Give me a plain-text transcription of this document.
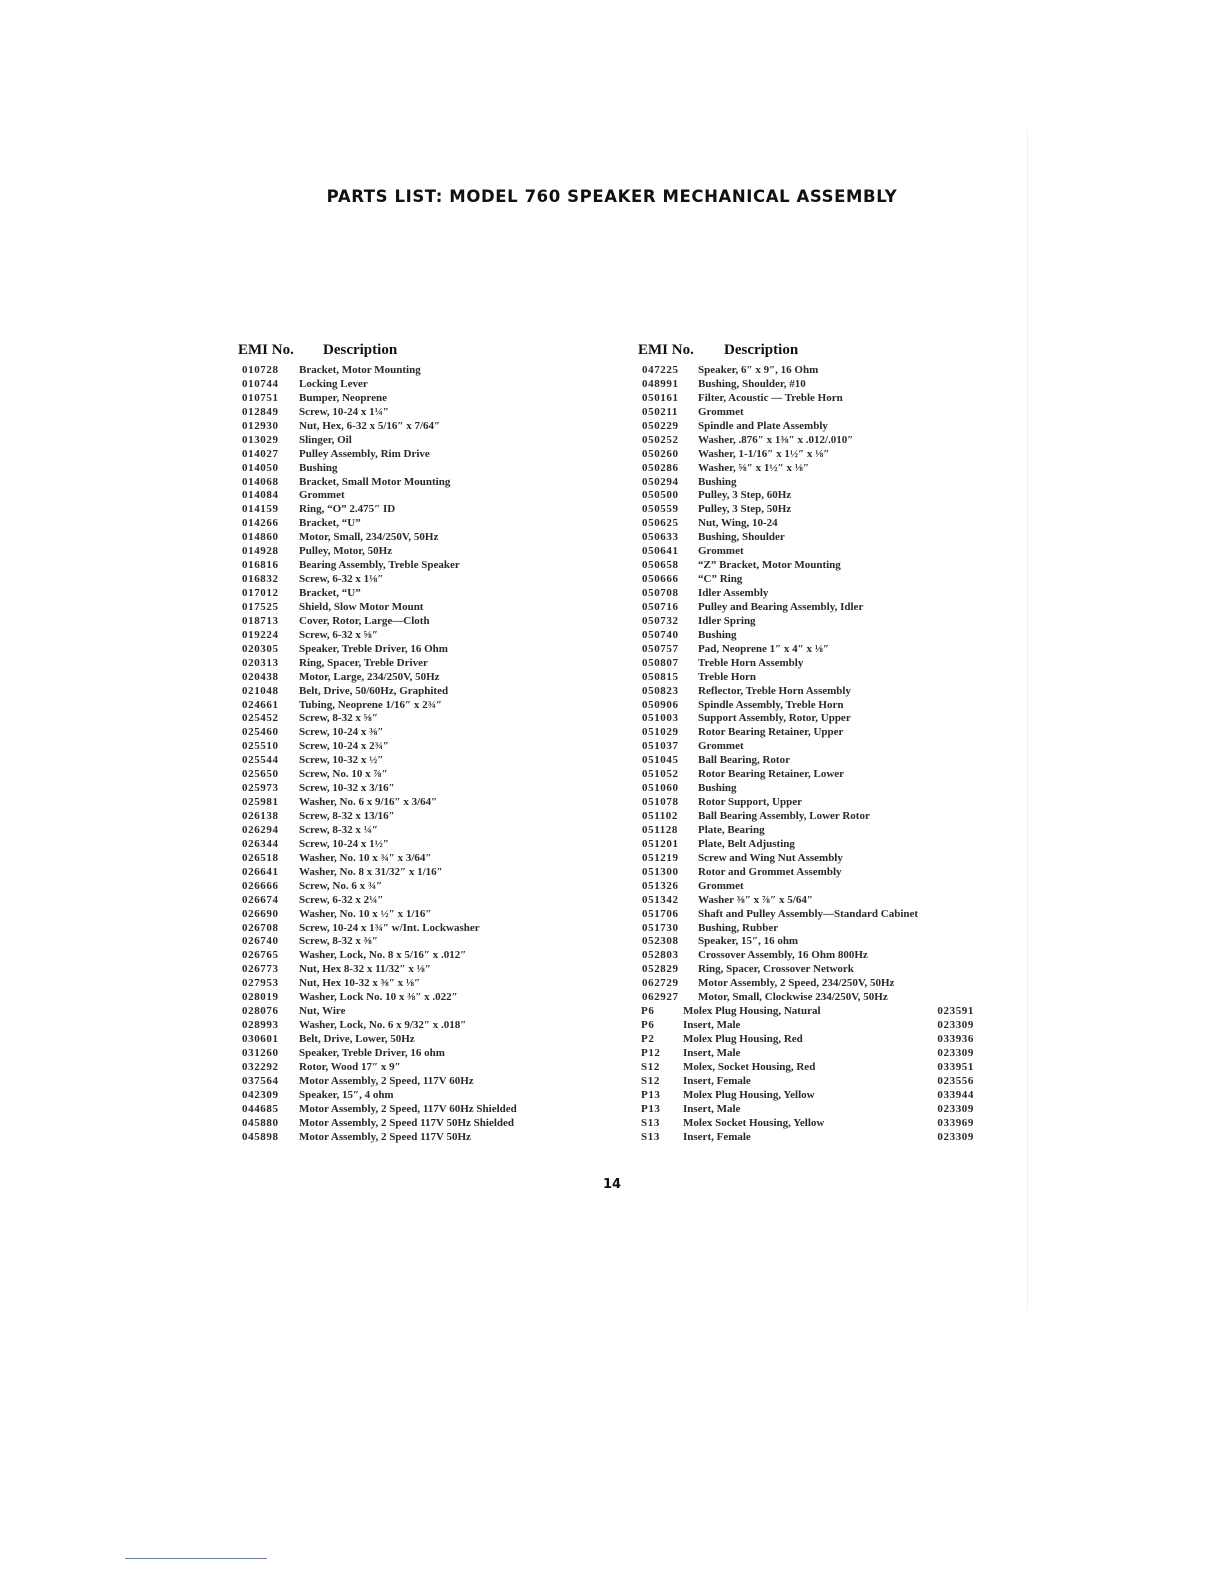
PARTS LIST: MODEL 760 SPEAKER MECHANICAL ASSEMBLY
EMI No. Description
010728 Bracket, Motor Mounting
010744 Locking Lever
010751 Bumper, Neoprene
012849 Screw, 10-24 x 1¼″
012930 Nut, Hex, 6-32 x 5/16″ x 7/64″
013029 Slinger, Oil
014027 Pulley Assembly, Rim Drive
014050 Bushing
014068 Bracket, Small Motor Mounting
014084 Grommet
014159 Ring, “O” 2.475″ ID
014266 Bracket, “U”
014860 Motor, Small, 234/250V, 50Hz
014928 Pulley, Motor, 50Hz
016816 Bearing Assembly, Treble Speaker
016832 Screw, 6-32 x 1⅛″
017012 Bracket, “U”
017525 Shield, Slow Motor Mount
018713 Cover, Rotor, Large—Cloth
019224 Screw, 6-32 x ⅝″
020305 Speaker, Treble Driver, 16 Ohm
020313 Ring, Spacer, Treble Driver
020438 Motor, Large, 234/250V, 50Hz
021048 Belt, Drive, 50/60Hz, Graphited
024661 Tubing, Neoprene 1/16″ x 2¾″
025452 Screw, 8-32 x ⅝″
025460 Screw, 10-24 x ⅜″
025510 Screw, 10-24 x 2¾″
025544 Screw, 10-32 x ½″
025650 Screw, No. 10 x ⅞″
025973 Screw, 10-32 x 3/16″
025981 Washer, No. 6 x 9/16″ x 3/64″
026138 Screw, 8-32 x 13/16″
026294 Screw, 8-32 x ¼″
026344 Screw, 10-24 x 1½″
026518 Washer, No. 10 x ¾″ x 3/64″
026641 Washer, No. 8 x 31/32″ x 1/16″
026666 Screw, No. 6 x ¾″
026674 Screw, 6-32 x 2¼″
026690 Washer, No. 10 x ½″ x 1/16″
026708 Screw, 10-24 x 1¾″ w/Int. Lockwasher
026740 Screw, 8-32 x ⅜″
026765 Washer, Lock, No. 8 x 5/16″ x .012″
026773 Nut, Hex 8-32 x 11/32″ x ⅛″
027953 Nut, Hex 10-32 x ⅜″ x ⅛″
028019 Washer, Lock No. 10 x ⅜″ x .022″
028076 Nut, Wire
028993 Washer, Lock, No. 6 x 9/32″ x .018″
030601 Belt, Drive, Lower, 50Hz
031260 Speaker, Treble Driver, 16 ohm
032292 Rotor, Wood 17″ x 9″
037564 Motor Assembly, 2 Speed, 117V 60Hz
042309 Speaker, 15″, 4 ohm
044685 Motor Assembly, 2 Speed, 117V 60Hz Shielded
045880 Motor Assembly, 2 Speed 117V 50Hz Shielded
045898 Motor Assembly, 2 Speed 117V 50Hz
EMI No. Description
047225 Speaker, 6″ x 9″, 16 Ohm
048991 Bushing, Shoulder, #10
050161 Filter, Acoustic — Treble Horn
050211 Grommet
050229 Spindle and Plate Assembly
050252 Washer, .876″ x 1⅜″ x .012/.010″
050260 Washer, 1-1/16″ x 1½″ x ⅛″
050286 Washer, ⅝″ x 1½″ x ⅛″
050294 Bushing
050500 Pulley, 3 Step, 60Hz
050559 Pulley, 3 Step, 50Hz
050625 Nut, Wing, 10-24
050633 Bushing, Shoulder
050641 Grommet
050658 “Z” Bracket, Motor Mounting
050666 “C” Ring
050708 Idler Assembly
050716 Pulley and Bearing Assembly, Idler
050732 Idler Spring
050740 Bushing
050757 Pad, Neoprene 1″ x 4″ x ⅛″
050807 Treble Horn Assembly
050815 Treble Horn
050823 Reflector, Treble Horn Assembly
050906 Spindle Assembly, Treble Horn
051003 Support Assembly, Rotor, Upper
051029 Rotor Bearing Retainer, Upper
051037 Grommet
051045 Ball Bearing, Rotor
051052 Rotor Bearing Retainer, Lower
051060 Bushing
051078 Rotor Support, Upper
051102 Ball Bearing Assembly, Lower Rotor
051128 Plate, Bearing
051201 Plate, Belt Adjusting
051219 Screw and Wing Nut Assembly
051300 Rotor and Grommet Assembly
051326 Grommet
051342 Washer ⅜″ x ⅞″ x 5/64″
051706 Shaft and Pulley Assembly—Standard Cabinet
051730 Bushing, Rubber
052308 Speaker, 15″, 16 ohm
052803 Crossover Assembly, 16 Ohm 800Hz
052829 Ring, Spacer, Crossover Network
062729 Motor Assembly, 2 Speed, 234/250V, 50Hz
062927 Motor, Small, Clockwise 234/250V, 50Hz
P6	Molex Plug Housing, Natural	023591
P6	Insert, Male	023309
P2	Molex Plug Housing, Red	033936
P12 Insert, Male	023309
S12 Molex, Socket Housing, Red	033951
S12 Insert, Female	023556
P13 Molex Plug Housing, Yellow	033944
P13 Insert, Male	023309
S13 Molex Socket Housing, Yellow	033969
S13 Insert, Female	023309
14
